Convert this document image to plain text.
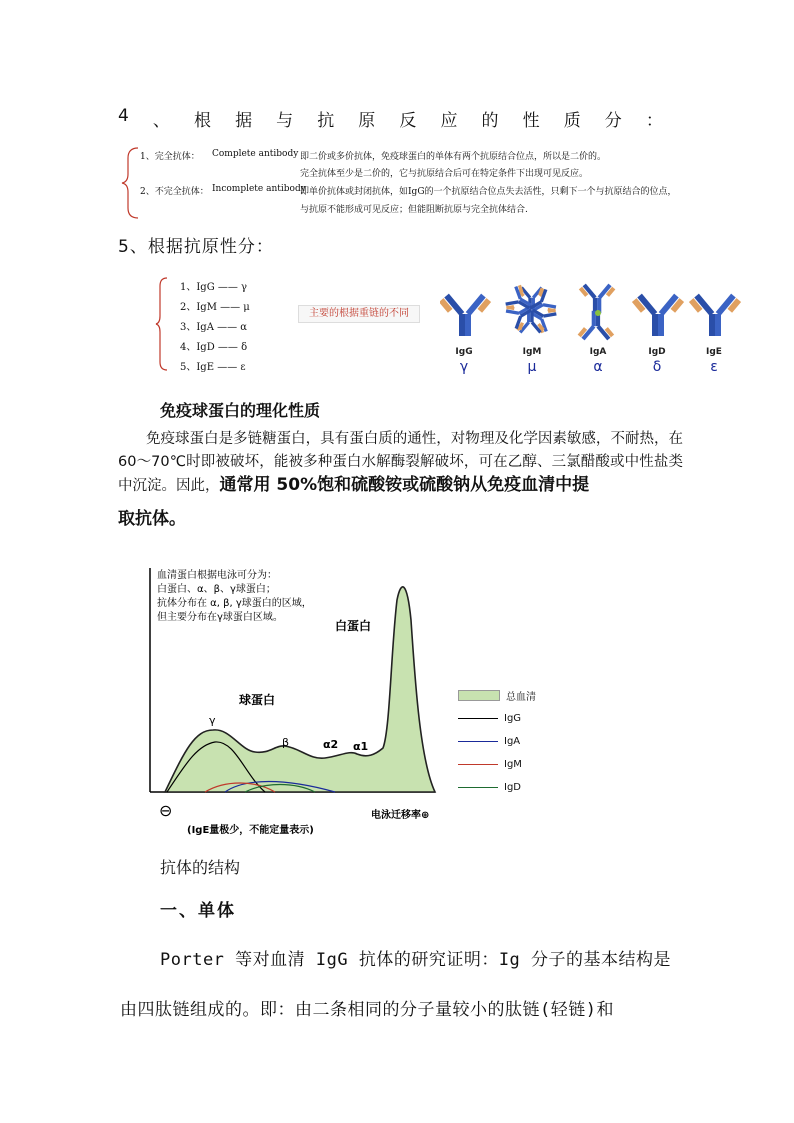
4 、 根 据 与 抗 原 反 应 的 性 质 分 ：
1、完全抗体： Complete antibody 即二价或多价抗体，免疫球蛋白的单体有两个抗原结合位点，所以是二价的。
完全抗体至少是二价的，它与抗原结合后可在特定条件下出现可见反应。
2、不完全抗体： Incomplete antibody
即单价抗体或封闭抗体，如IgG的一个抗原结合位点失去活性，只剩下一个与抗原结合的位点，
与抗原不能形成可见反应；但能阻断抗原与完全抗体结合.
5、根据抗原性分：
1、IgG —— γ
2、IgM —— μ
3、IgA —— α
4、IgD —— δ
5、IgE —— ε
主要的根据重链的不同
IgG	IgM	IgA	IgD	IgE
γ	μ	α	δ	ε
免疫球蛋白的理化性质
免疫球蛋白是多链糖蛋白，具有蛋白质的通性，对物理及化学因素敏感，不耐热，在 60～70℃时即被破坏，能被多种蛋白水解酶裂解破坏，可在乙醇、三氯醋酸或中性盐类中沉淀。因此，通常用 50%饱和硫酸铵或硫酸钠从免疫血清中提
取抗体。
血清蛋白根据电泳可分为：
白蛋白、α、β、γ球蛋白；
抗体分布在 α, β, γ球蛋白的区域，
但主要分布在γ球蛋白区域。
白蛋白
球蛋白
γ
β	α2 α1
⊖	电泳迁移率⊕
(IgE量极少，不能定量表示)
总血清
IgG
IgA
IgM
IgD
抗体的结构
一、单体
Porter 等对血清 IgG 抗体的研究证明：Ig 分子的基本结构是
由四肽链组成的。即：由二条相同的分子量较小的肽链(轻链)和
